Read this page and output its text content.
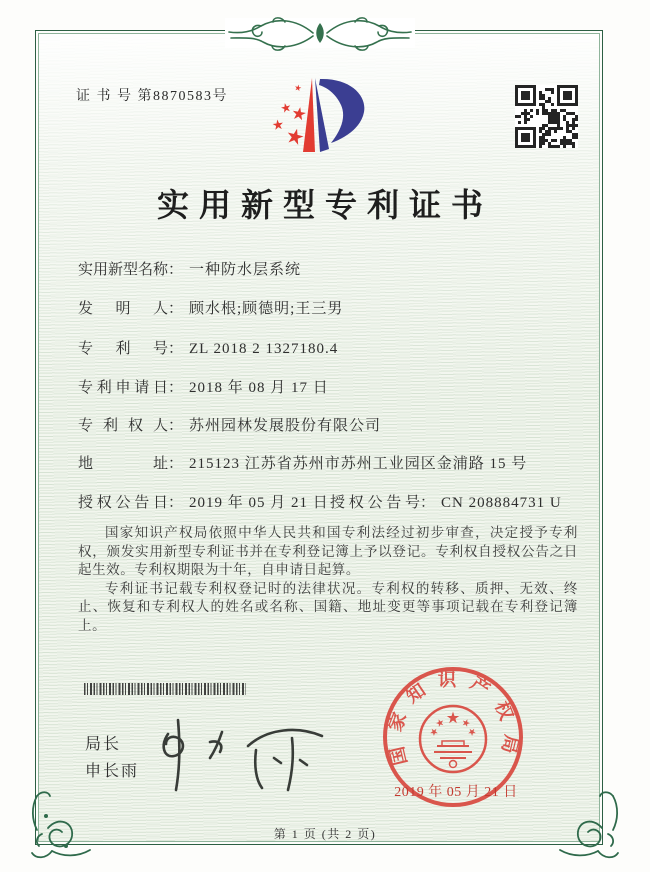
证 书 号 第8870583号
实用新型专利证书
实用新型名称： 一种防水层系统
发明人： 顾水根;顾德明;王三男
专利号： ZL 2018 2 1327180.4
专利申请日： 2018 年 08 月 17 日
专利权人： 苏州园林发展股份有限公司
地址： 215123 江苏省苏州市苏州工业园区金浦路 15 号
授权公告日： 2019 年 05 月 21 日 授权公告号： CN 208884731 U

国家知识产权局依照中华人民共和国专利法经过初步审查，决定授予专利权，颁发实用新型专利证书并在专利登记簿上予以登记。专利权自授权公告之日起生效。专利权期限为十年，自申请日起算。

专利证书记载专利权登记时的法律状况。专利权的转移、质押、无效、终止、恢复和专利权人的姓名或名称、国籍、地址变更等事项记载在专利登记簿上。

局长
申长雨
国家知识产权局
2019 年 05 月 21 日
第 1 页 (共 2 页)
